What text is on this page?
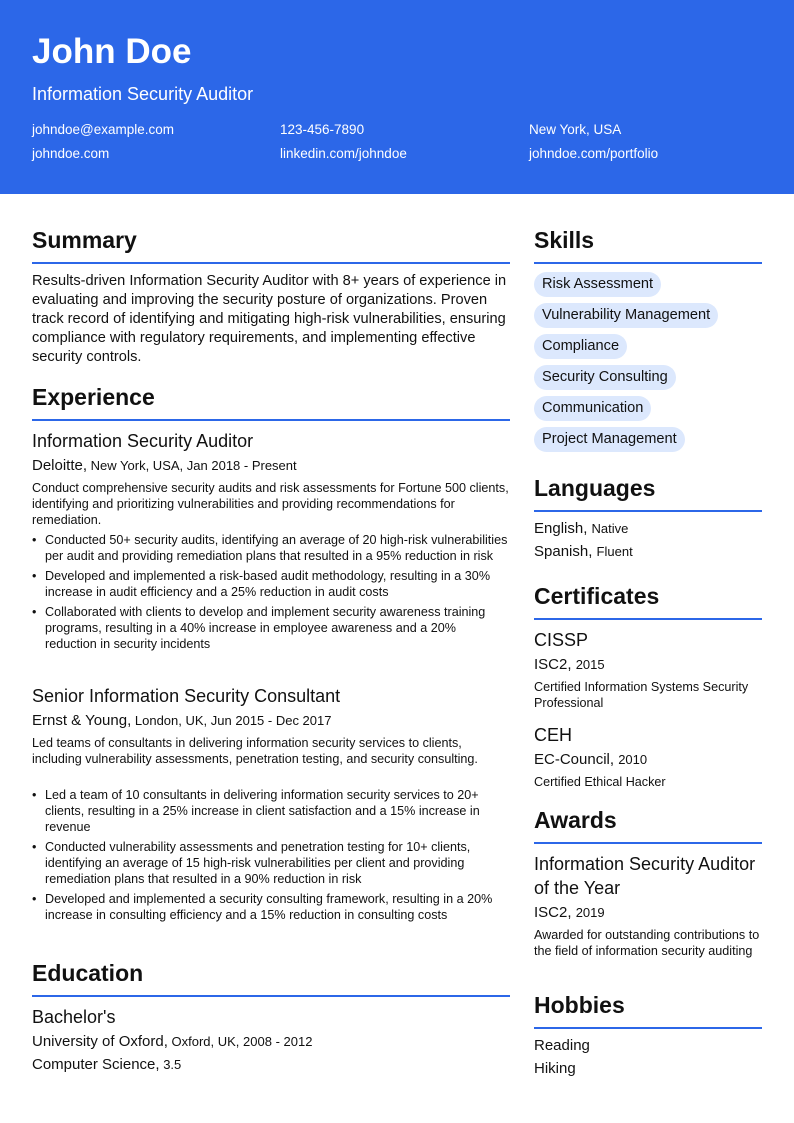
John Doe
Information Security Auditor
johndoe@example.com	123-456-7890	New York, USA
johndoe.com	linkedin.com/johndoe	johndoe.com/portfolio
Summary
Results-driven Information Security Auditor with 8+ years of experience in evaluating and improving the security posture of organizations. Proven track record of identifying and mitigating high-risk vulnerabilities, ensuring compliance with regulatory requirements, and implementing effective security controls.
Experience
Information Security Auditor
Deloitte, New York, USA, Jan 2018 - Present
Conduct comprehensive security audits and risk assessments for Fortune 500 clients, identifying and prioritizing vulnerabilities and providing recommendations for remediation.
• Conducted 50+ security audits, identifying an average of 20 high-risk vulnerabilities per audit and providing remediation plans that resulted in a 95% reduction in risk
• Developed and implemented a risk-based audit methodology, resulting in a 30% increase in audit efficiency and a 25% reduction in audit costs
• Collaborated with clients to develop and implement security awareness training programs, resulting in a 40% increase in employee awareness and a 20% reduction in security incidents
Senior Information Security Consultant
Ernst & Young, London, UK, Jun 2015 - Dec 2017
Led teams of consultants in delivering information security services to clients, including vulnerability assessments, penetration testing, and security consulting.
• Led a team of 10 consultants in delivering information security services to 20+ clients, resulting in a 25% increase in client satisfaction and a 15% increase in revenue
• Conducted vulnerability assessments and penetration testing for 10+ clients, identifying an average of 15 high-risk vulnerabilities per client and providing remediation plans that resulted in a 90% reduction in risk
• Developed and implemented a security consulting framework, resulting in a 20% increase in consulting efficiency and a 15% reduction in consulting costs
Education
Bachelor's
University of Oxford, Oxford, UK, 2008 - 2012
Computer Science, 3.5
Skills
Risk Assessment
Vulnerability Management
Compliance
Security Consulting
Communication
Project Management
Languages
English, Native
Spanish, Fluent
Certificates
CISSP
ISC2, 2015
Certified Information Systems Security Professional
CEH
EC-Council, 2010
Certified Ethical Hacker
Awards
Information Security Auditor of the Year
ISC2, 2019
Awarded for outstanding contributions to the field of information security auditing
Hobbies
Reading
Hiking
